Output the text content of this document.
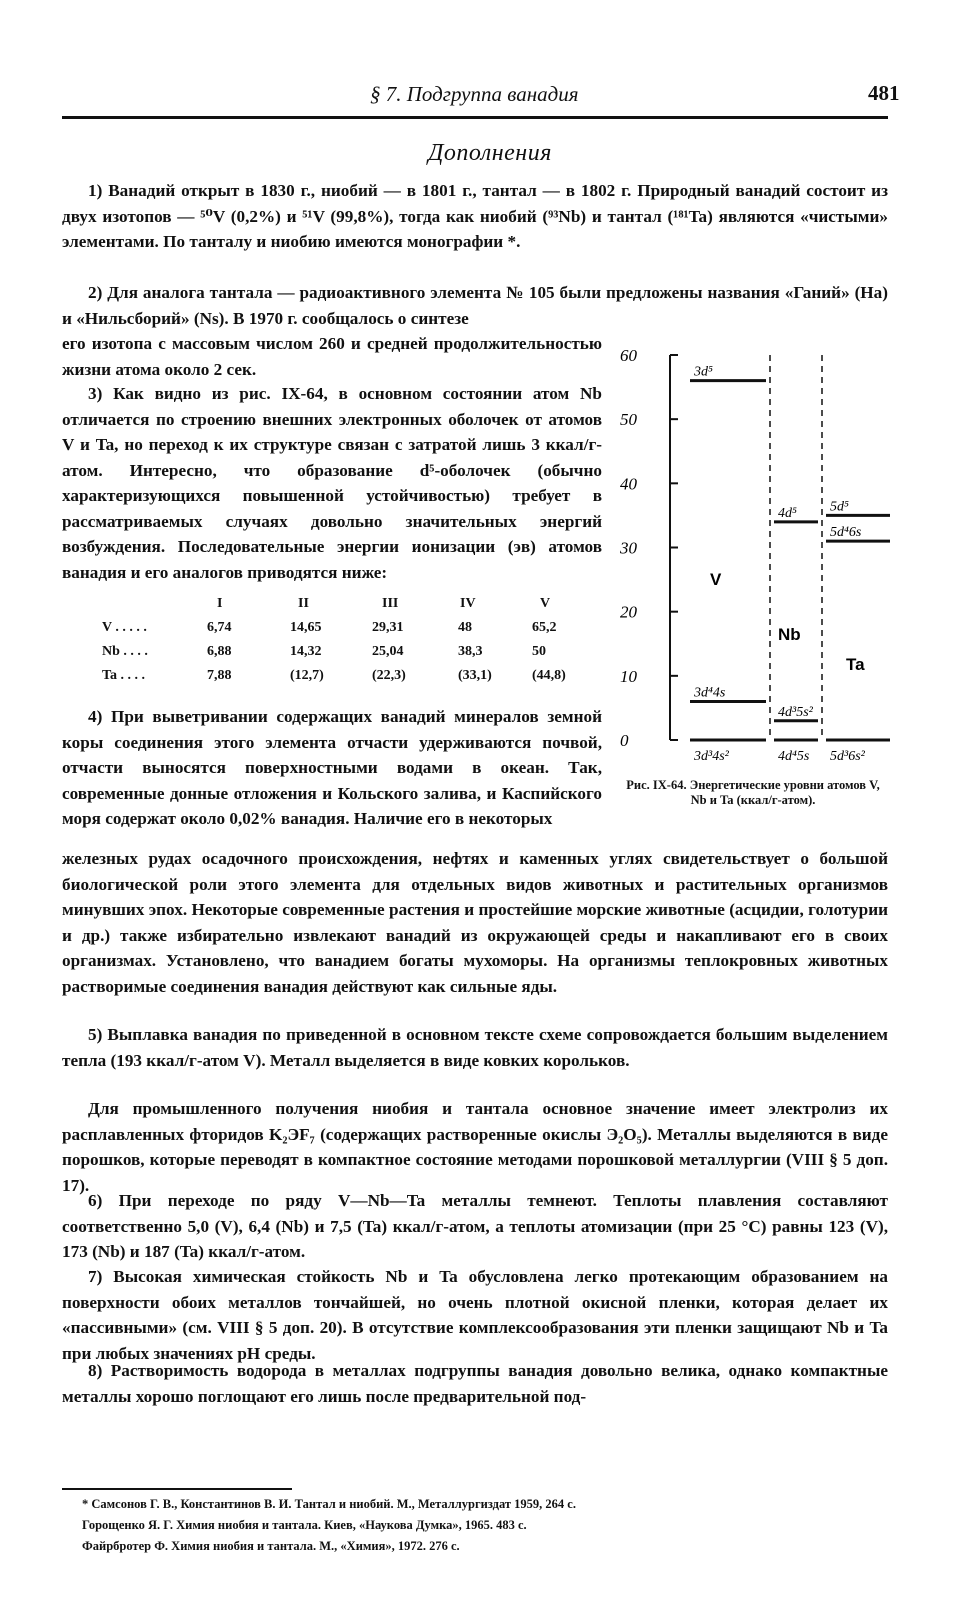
§ 7. Подгруппа ванадия	481
Дополнения

1) Ванадий открыт в 1830 г., ниобий — в 1801 г., тантал — в 1802 г. Природный ванадий состоит из двух изотопов — ⁵⁰V (0,2%) и ⁵¹V (99,8%), тогда как ниобий (⁹³Nb) и тантал (¹⁸¹Ta) являются «чистыми» элементами. По танталу и ниобию имеются монографии *.

2) Для аналога тантала — радиоактивного элемента № 105 были предложены названия «Ганий» (Ha) и «Нильсборий» (Ns). В 1970 г. сообщалось о синтезе

его изотопа с массовым числом 260 и средней продолжительностью жизни атома около 2 сек.

3) Как видно из рис. IX-64, в основном состоянии атом Nb отличается по строению внешних электронных оболочек от атомов V и Ta, но переход к их структуре связан с затратой лишь 3 ккал/г-атом. Интересно, что образование d⁵-оболочек (обычно характеризующихся повышенной устойчивостью) требует в рассматриваемых случаях довольно значительных энергий возбуждения. Последовательные энергии ионизации (эв) атомов ванадия и его аналогов приводятся ниже:

I	II	III	IV	V
V . . . . .	6,74	14,65	29,31	48	65,2
Nb . . . .	6,88	14,32	25,04	38,3	50
Ta . . . .	7,88	(12,7)	(22,3)	(33,1)	(44,8)

4) При выветривании содержащих ванадий минералов земной коры соединения этого элемента отчасти удерживаются почвой, отчасти выносятся поверхностными водами в океан. Так, современные донные отложения и Кольского залива, и Каспийского моря содержат около 0,02% ванадия. Наличие его в некоторых

железных рудах осадочного происхождения, нефтях и каменных углях свидетельствует о большой биологической роли этого элемента для отдельных видов животных и растительных организмов минувших эпох. Некоторые современные растения и простейшие морские животные (асцидии, голотурии и др.) также избирательно извлекают ванадий из окружающей среды и накапливают его в своих организмах. Установлено, что ванадием богаты мухоморы. На организмы теплокровных животных растворимые соединения ванадия действуют как сильные яды.

5) Выплавка ванадия по приведенной в основном тексте схеме сопровождается большим выделением тепла (193 ккал/г-атом V). Металл выделяется в виде ковких корольков.

Для промышленного получения ниобия и тантала основное значение имеет электролиз их расплавленных фторидов K₂ЭF₇ (содержащих растворенные окислы Э₂O₅). Металлы выделяются в виде порошков, которые переводят в компактное состояние методами порошковой металлургии (VIII § 5 доп. 17).

6) При переходе по ряду V—Nb—Ta металлы темнеют. Теплоты плавления составляют соответственно 5,0 (V), 6,4 (Nb) и 7,5 (Ta) ккал/г-атом, а теплоты атомизации (при 25 °C) равны 123 (V), 173 (Nb) и 187 (Ta) ккал/г-атом.

7) Высокая химическая стойкость Nb и Ta обусловлена легко протекающим образованием на поверхности обоих металлов тончайшей, но очень плотной окисной пленки, которая делает их «пассивными» (см. VIII § 5 доп. 20). В отсутствие комплексообразования эти пленки защищают Nb и Ta при любых значениях pH среды.

8) Растворимость водорода в металлах подгруппы ванадия довольно велика, однако компактные металлы хорошо поглощают его лишь после предварительной под-

60
50
40
30
20
10
0
V
Nb
Ta
3d⁵
3d⁴4s
3d³4s²
4d⁵
4d³5s²
4d⁴5s
5d⁵
5d⁴6s
5d³6s²
Рис. IX-64. Энергетические уровни атомов V, Nb и Ta (ккал/г-атом).

* Самсонов Г. В., Константинов В. И. Тантал и ниобий. М., Металлургиздат 1959, 264 с.

Горощенко Я. Г. Химия ниобия и тантала. Киев, «Наукова Думка», 1965. 483 с.

Файрбротер Ф. Химия ниобия и тантала. М., «Химия», 1972. 276 с.
